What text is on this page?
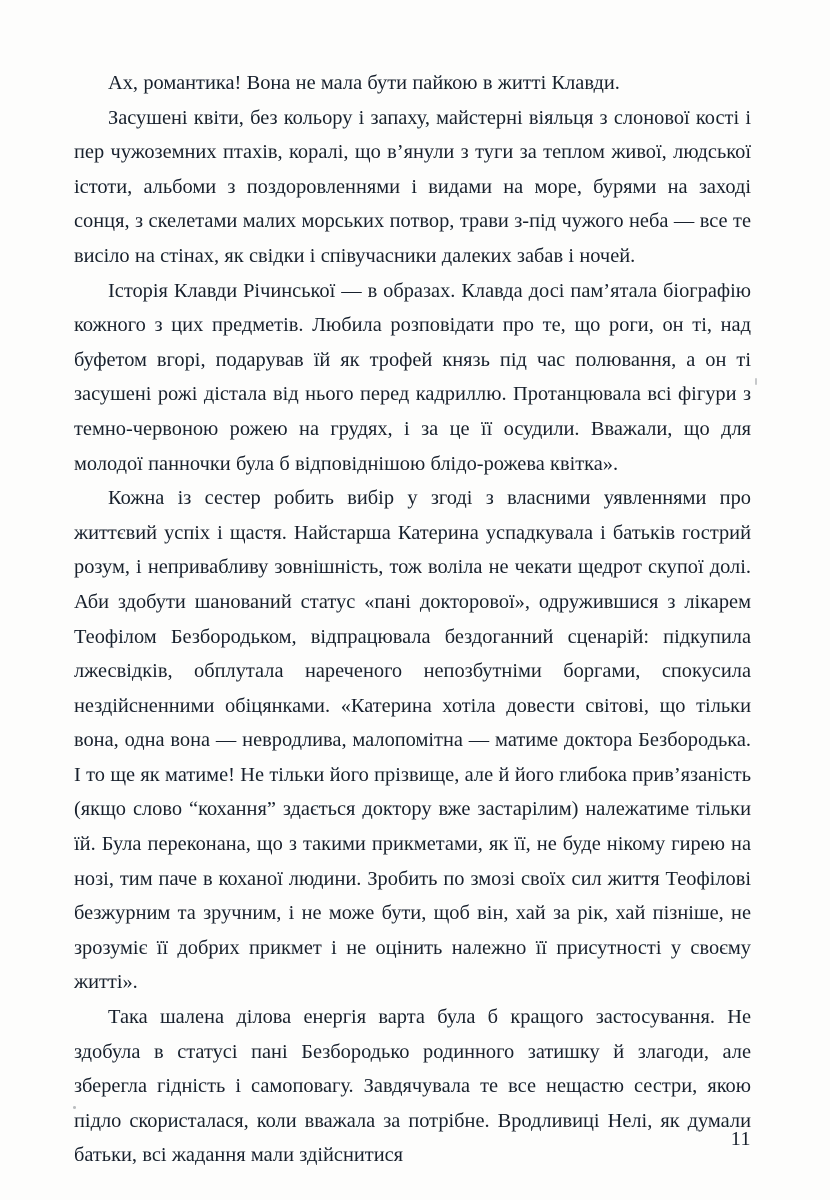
Ах, романтика! Вона не мала бути пайкою в житті Клавди.

Засушені квіти, без кольору і запаху, майстерні віяльця з слонової кості і пер чужоземних птахів, коралі, що в’янули з туги за теплом живої, людської істоти, альбоми з поздоровленнями і видами на море, бурями на заході сонця, з скелетами малих морських потвор, трави з-під чужого неба — все те висіло на стінах, як свідки і співучасники далеких забав і ночей.

Історія Клавди Річинської — в образах. Клавда досі пам’ятала біографію кожного з цих предметів. Любила розповідати про те, що роги, он ті, над буфетом вгорі, подарував їй як трофей князь під час полювання, а он ті засушені рожі дістала від нього перед кадриллю. Протанцювала всі фігури з темно-червоною рожею на грудях, і за це її осудили. Вважали, що для молодої панночки була б відповіднішою блідо-рожева квітка».

Кожна із сестер робить вибір у згоді з власними уявленнями про життєвий успіх і щастя. Найстарша Катерина успадкувала і батьків гострий розум, і непривабливу зовнішність, тож воліла не чекати щедрот скупої долі. Аби здобути шанований статус «пані докторової», одружившися з лікарем Теофілом Безбородьком, відпрацювала бездоганний сценарій: підкупила лжесвідків, обплутала нареченого непозбутніми боргами, спокусила нездійсненними обіцянками. «Катерина хотіла довести світові, що тільки вона, одна вона — невродлива, малопомітна — матиме доктора Безбородька. І то ще як матиме! Не тільки його прізвище, але й його глибока прив’язаність (якщо слово “кохання” здається доктору вже застарілим) належатиме тільки їй. Була переконана, що з такими прикметами, як її, не буде нікому гирею на нозі, тим паче в коханої людини. Зробить по змозі своїх сил життя Теофілові безжурним та зручним, і не може бути, щоб він, хай за рік, хай пізніше, не зрозуміє її добрих прикмет і не оцінить належно її присутності у своєму житті».

Така шалена ділова енергія варта була б кращого застосування. Не здобула в статусі пані Безбородько родинного затишку й злагоди, але зберегла гідність і самоповагу. Завдячувала те все нещастю сестри, якою підло скористалася, коли вважала за потрібне. Вродливиці Нелі, як думали батьки, всі жадання мали здійснитися

11
